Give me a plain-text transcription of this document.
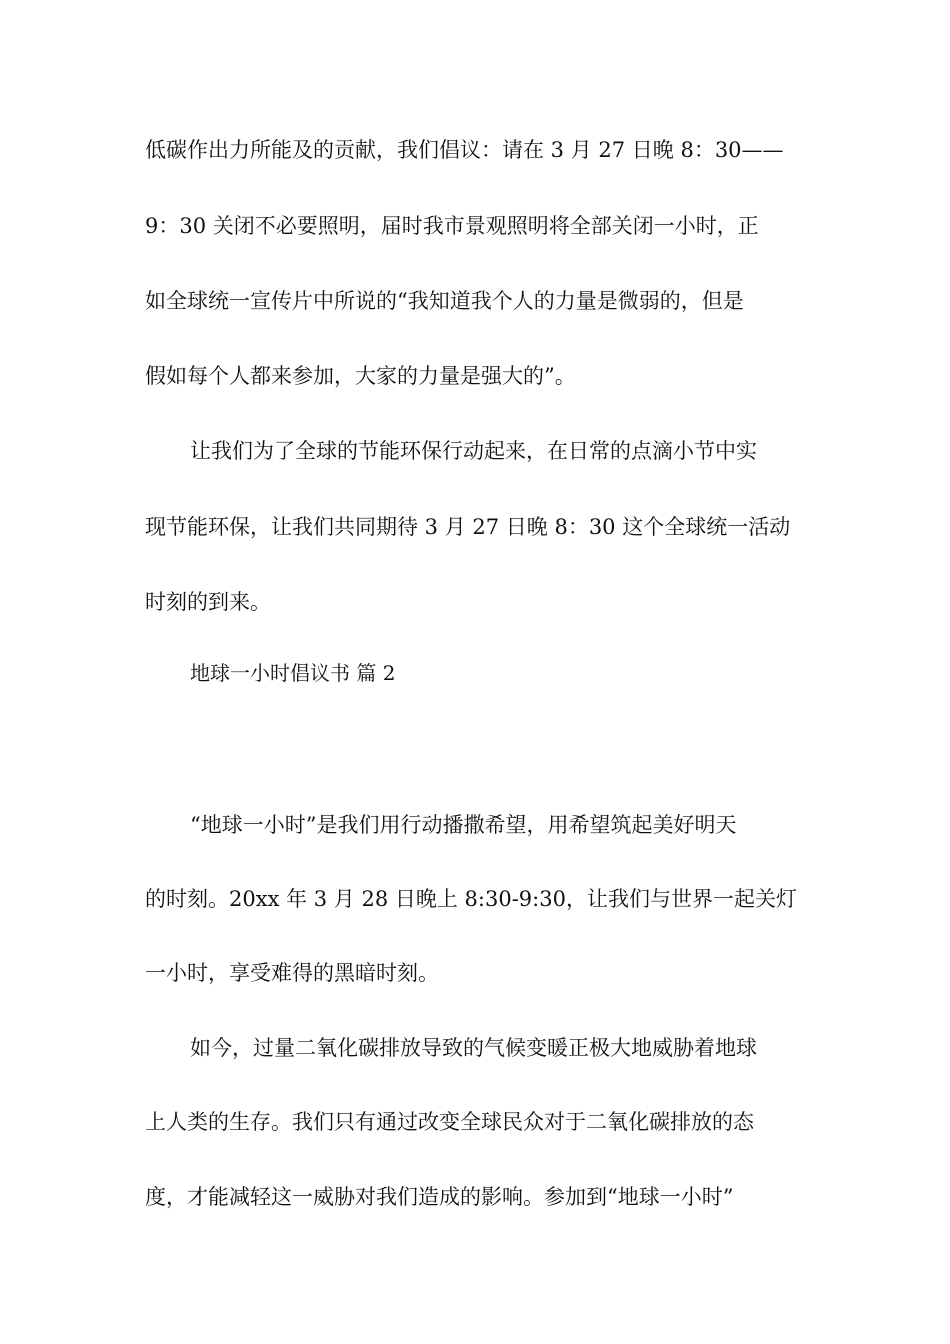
低碳作出力所能及的贡献，我们倡议：请在 3 月 27 日晚 8：30——
9：30 关闭不必要照明，届时我市景观照明将全部关闭一小时，正
如全球统一宣传片中所说的“我知道我个人的力量是微弱的，但是
假如每个人都来参加，大家的力量是强大的”。
让我们为了全球的节能环保行动起来，在日常的点滴小节中实
现节能环保，让我们共同期待 3 月 27 日晚 8：30 这个全球统一活动
时刻的到来。
地球一小时倡议书 篇 2
“地球一小时”是我们用行动播撒希望，用希望筑起美好明天
的时刻。20xx 年 3 月 28 日晚上 8:30-9:30，让我们与世界一起关灯
一小时，享受难得的黑暗时刻。
如今，过量二氧化碳排放导致的气候变暖正极大地威胁着地球
上人类的生存。我们只有通过改变全球民众对于二氧化碳排放的态
度，才能减轻这一威胁对我们造成的影响。参加到“地球一小时”
